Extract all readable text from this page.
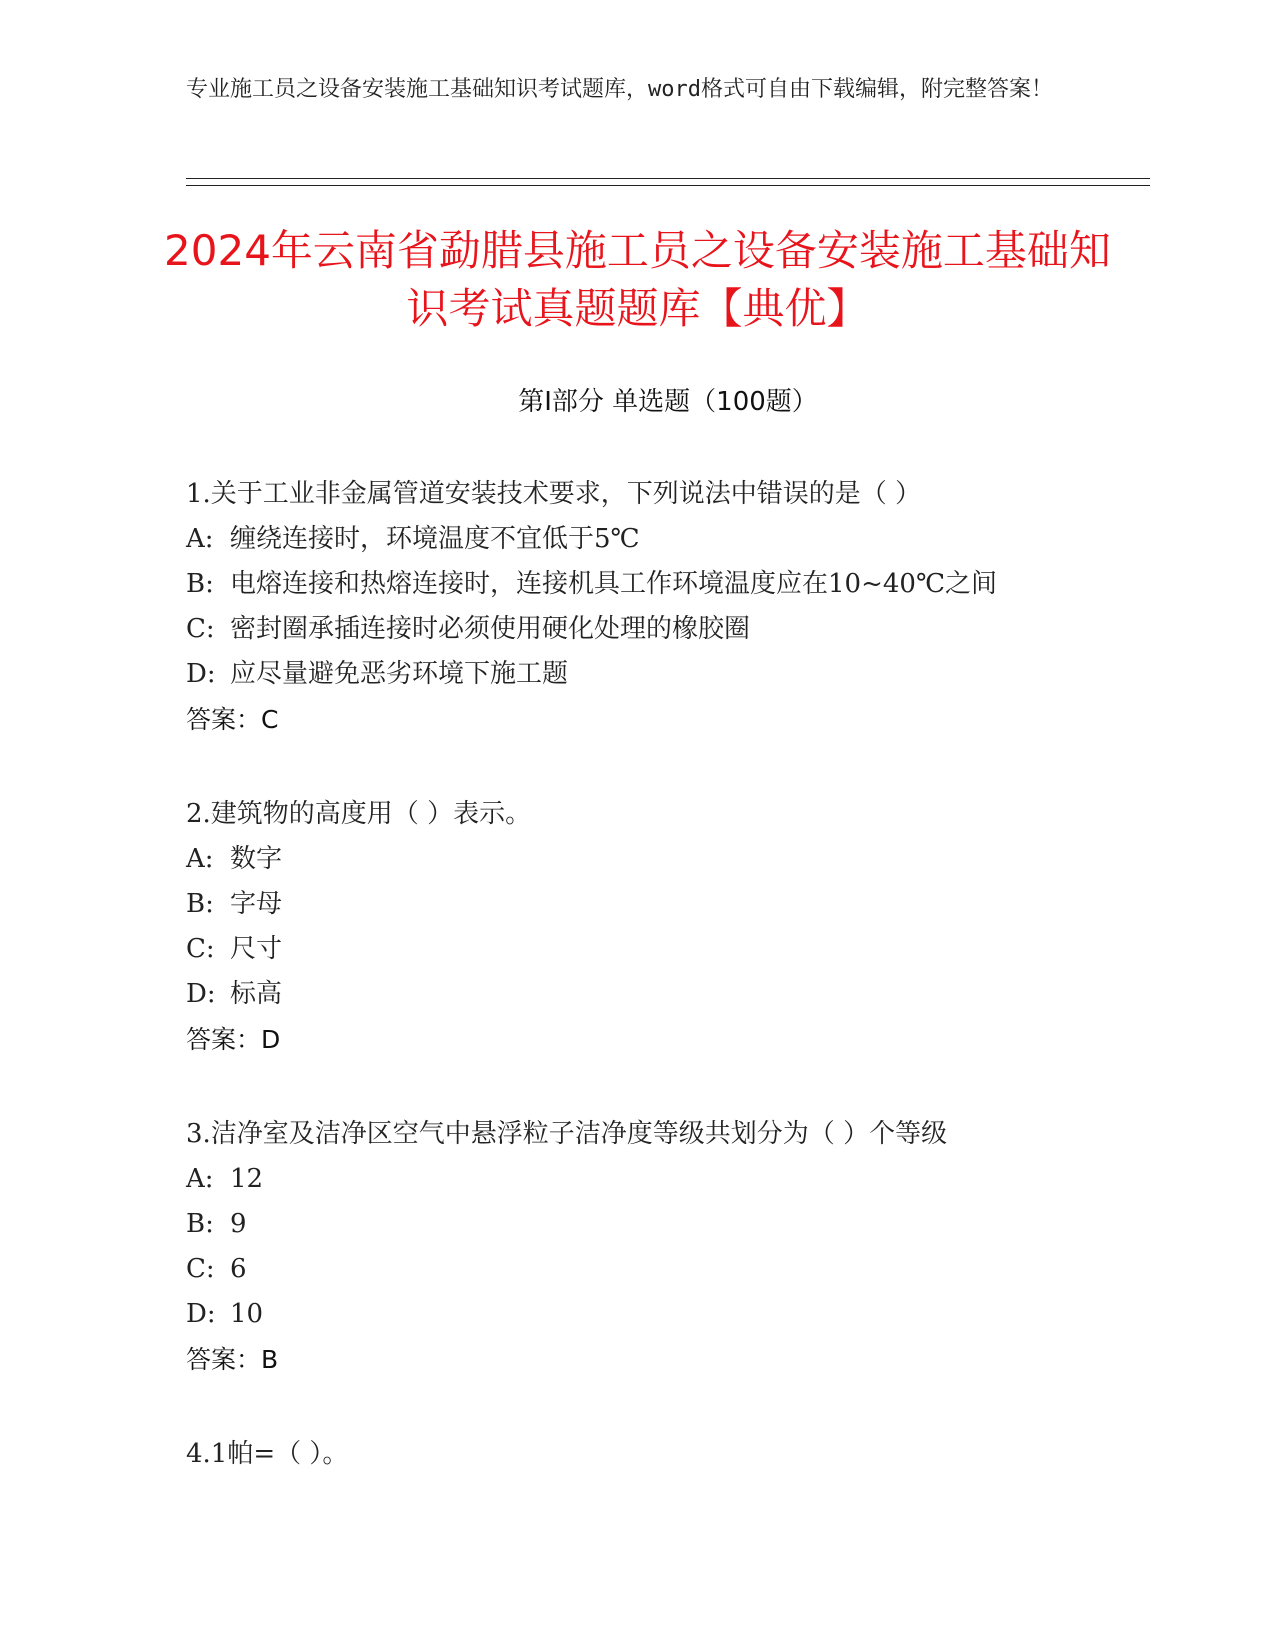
专业施工员之设备安装施工基础知识考试题库，word格式可自由下载编辑，附完整答案！
2024年云南省勐腊县施工员之设备安装施工基础知识考试真题题库【典优】
第Ⅰ部分 单选题（100题）
1.关于工业非金属管道安装技术要求，下列说法中错误的是（ ）
A: 缠绕连接时，环境温度不宜低于5℃
B: 电熔连接和热熔连接时，连接机具工作环境温度应在10~40℃之间
C: 密封圈承插连接时必须使用硬化处理的橡胶圈
D: 应尽量避免恶劣环境下施工题
答案：C
2.建筑物的高度用（ ）表示。
A: 数字
B: 字母
C: 尺寸
D: 标高
答案：D
3.洁净室及洁净区空气中悬浮粒子洁净度等级共划分为（ ）个等级
A: 12
B: 9
C: 6
D: 10
答案：B
4.1帕=（ ）。
